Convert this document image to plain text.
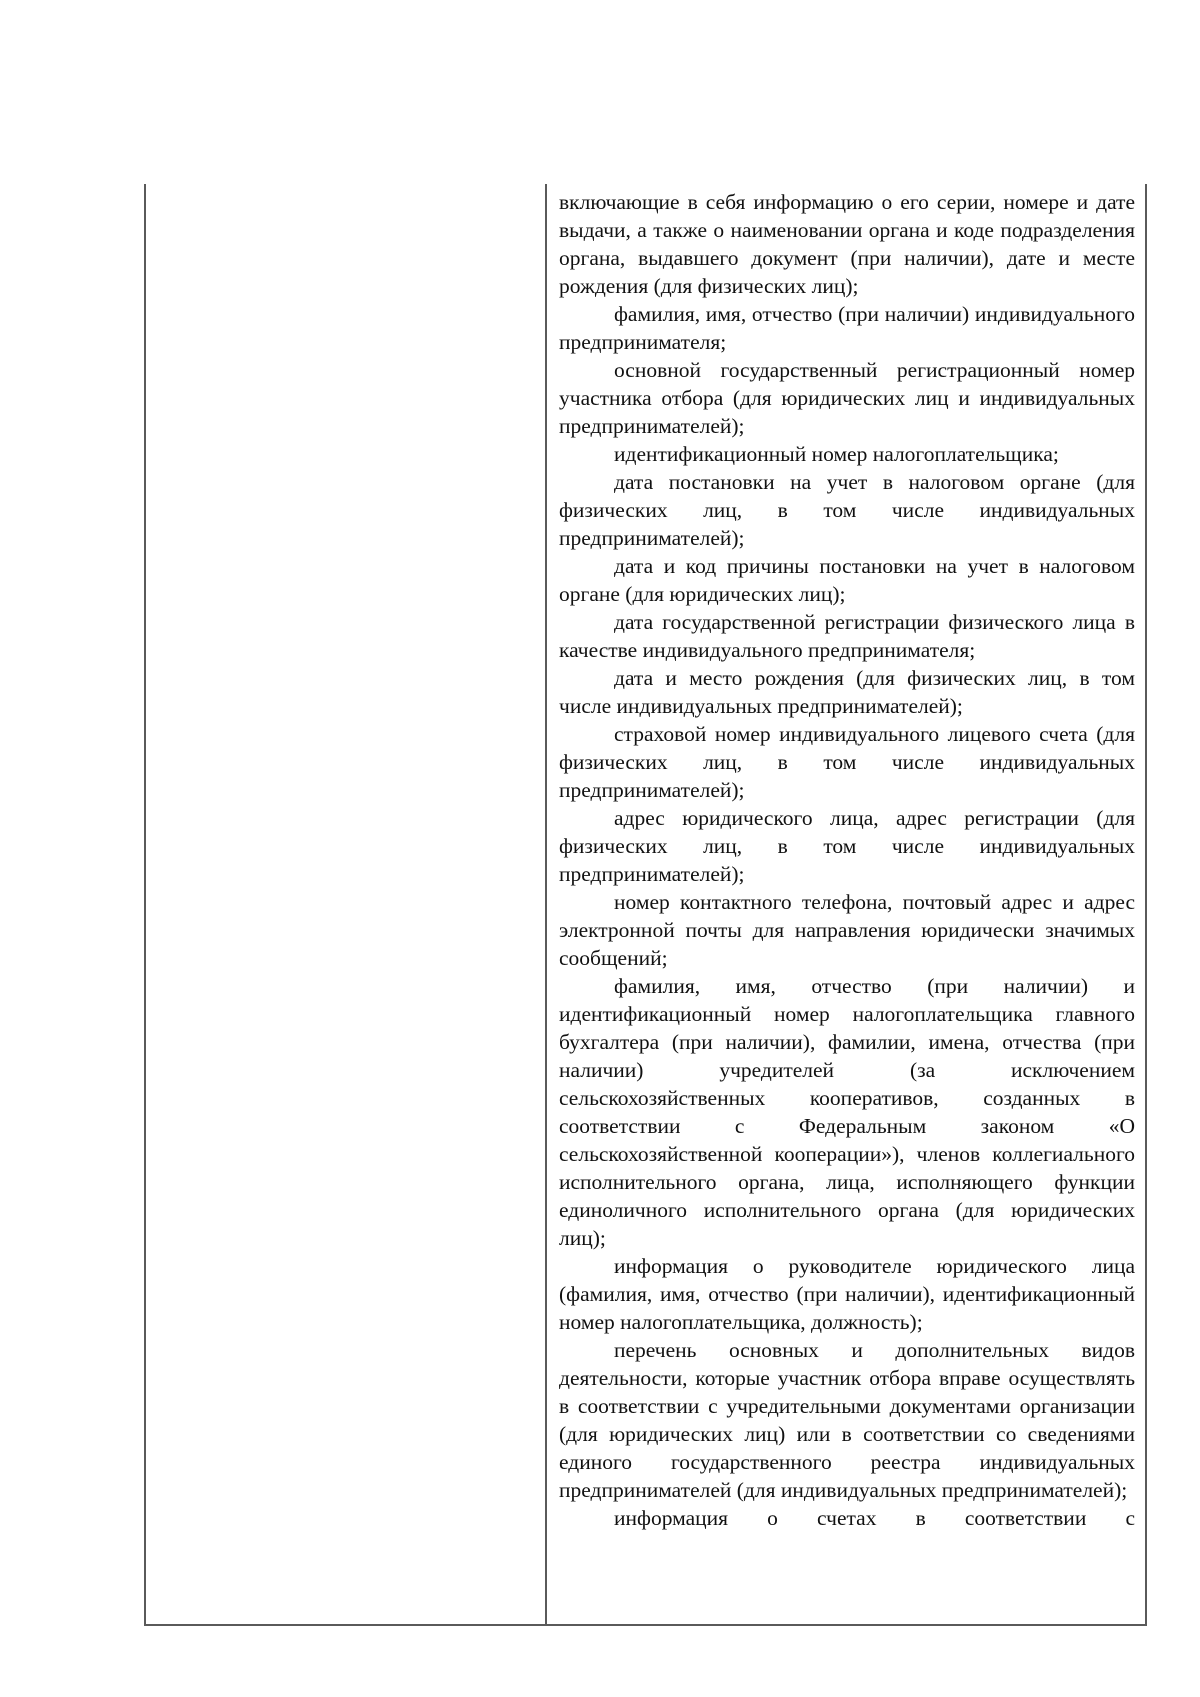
включающие в себя информацию о его серии, номере и дате выдачи, а также о наименовании органа и коде подразделения органа, выдавшего документ (при наличии), дате и месте рождения (для физических лиц);

фамилия, имя, отчество (при наличии) индивидуального предпринимателя;

основной государственный регистрационный номер участника отбора (для юридических лиц и индивидуальных предпринимателей);

идентификационный номер налогоплательщика;

дата постановки на учет в налоговом органе (для физических лиц, в том числе индивидуальных предпринимателей);

дата и код причины постановки на учет в налоговом органе (для юридических лиц);

дата государственной регистрации физического лица в качестве индивидуального предпринимателя;

дата и место рождения (для физических лиц, в том числе индивидуальных предпринимателей);

страховой номер индивидуального лицевого счета (для физических лиц, в том числе индивидуальных предпринимателей);

адрес юридического лица, адрес регистрации (для физических лиц, в том числе индивидуальных предпринимателей);

номер контактного телефона, почтовый адрес и адрес электронной почты для направления юридически значимых сообщений;

фамилия, имя, отчество (при наличии) и идентификационный номер налогоплательщика главного бухгалтера (при наличии), фамилии, имена, отчества (при наличии) учредителей (за исключением сельскохозяйственных кооперативов, созданных в соответствии с Федеральным законом «О сельскохозяйственной кооперации»), членов коллегиального исполнительного органа, лица, исполняющего функции единоличного исполнительного органа (для юридических лиц);

информация о руководителе юридического лица (фамилия, имя, отчество (при наличии), идентификационный номер налогоплательщика, должность);

перечень основных и дополнительных видов деятельности, которые участник отбора вправе осуществлять в соответствии с учредительными документами организации (для юридических лиц) или в соответствии со сведениями единого государственного реестра индивидуальных предпринимателей (для индивидуальных предпринимателей);

информация о счетах в соответствии с
